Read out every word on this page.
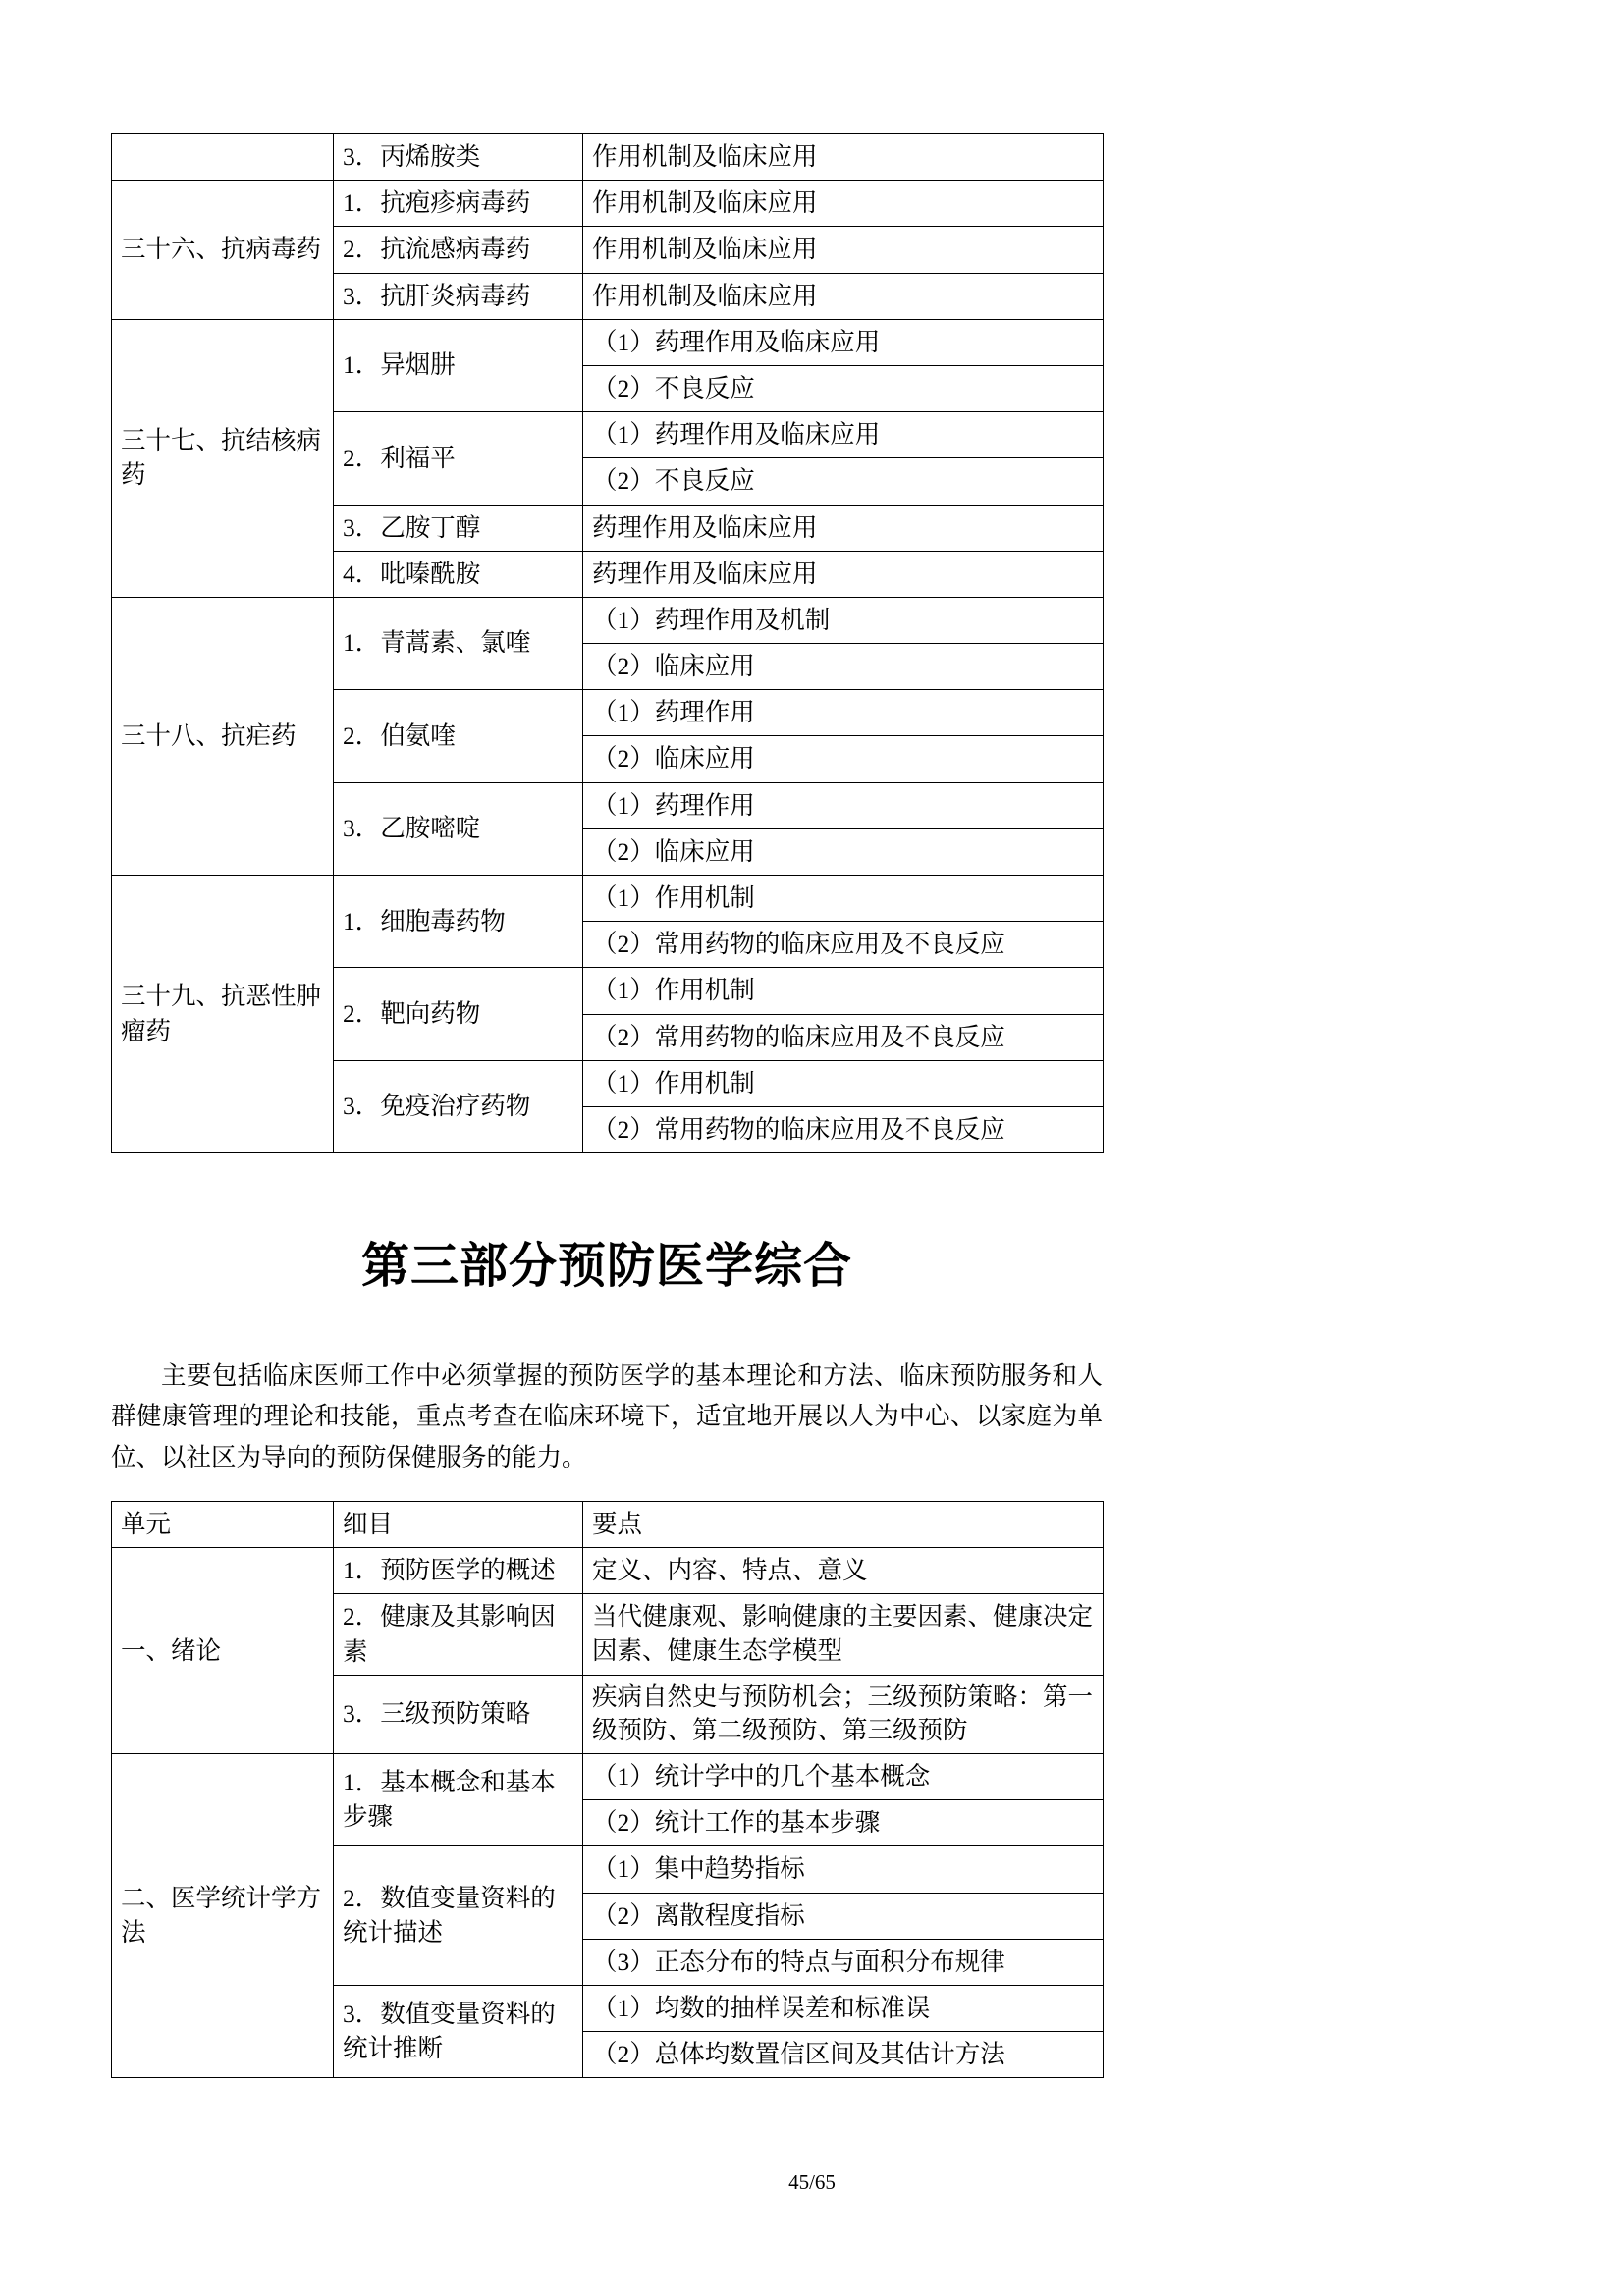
	3．丙烯胺类	作用机制及临床应用
三十六、抗病毒药	1．抗疱疹病毒药	作用机制及临床应用
	2．抗流感病毒药	作用机制及临床应用
	3．抗肝炎病毒药	作用机制及临床应用
三十七、抗结核病药	1．异烟肼	（1）药理作用及临床应用
		（2）不良反应
	2．利福平	（1）药理作用及临床应用
		（2）不良反应
	3．乙胺丁醇	药理作用及临床应用
	4．吡嗪酰胺	药理作用及临床应用
三十八、抗疟药	1．青蒿素、氯喹	（1）药理作用及机制
		（2）临床应用
	2．伯氨喹	（1）药理作用
		（2）临床应用
	3．乙胺嘧啶	（1）药理作用
		（2）临床应用
三十九、抗恶性肿瘤药	1．细胞毒药物	（1）作用机制
		（2）常用药物的临床应用及不良反应
	2．靶向药物	（1）作用机制
		（2）常用药物的临床应用及不良反应
	3．免疫治疗药物	（1）作用机制
		（2）常用药物的临床应用及不良反应
第三部分预防医学综合

主要包括临床医师工作中必须掌握的预防医学的基本理论和方法、临床预防服务和人群健康管理的理论和技能，重点考查在临床环境下，适宜地开展以人为中心、以家庭为单位、以社区为导向的预防保健服务的能力。

单元	细目	要点
一、绪论	1．预防医学的概述	定义、内容、特点、意义
	2．健康及其影响因素	当代健康观、影响健康的主要因素、健康决定因素、健康生态学模型
	3．三级预防策略	疾病自然史与预防机会；三级预防策略：第一级预防、第二级预防、第三级预防
二、医学统计学方法	1．基本概念和基本步骤	（1）统计学中的几个基本概念
		（2）统计工作的基本步骤
	2．数值变量资料的统计描述	（1）集中趋势指标
		（2）离散程度指标
		（3）正态分布的特点与面积分布规律
	3．数值变量资料的统计推断	（1）均数的抽样误差和标准误
		（2）总体均数置信区间及其估计方法
45/65
